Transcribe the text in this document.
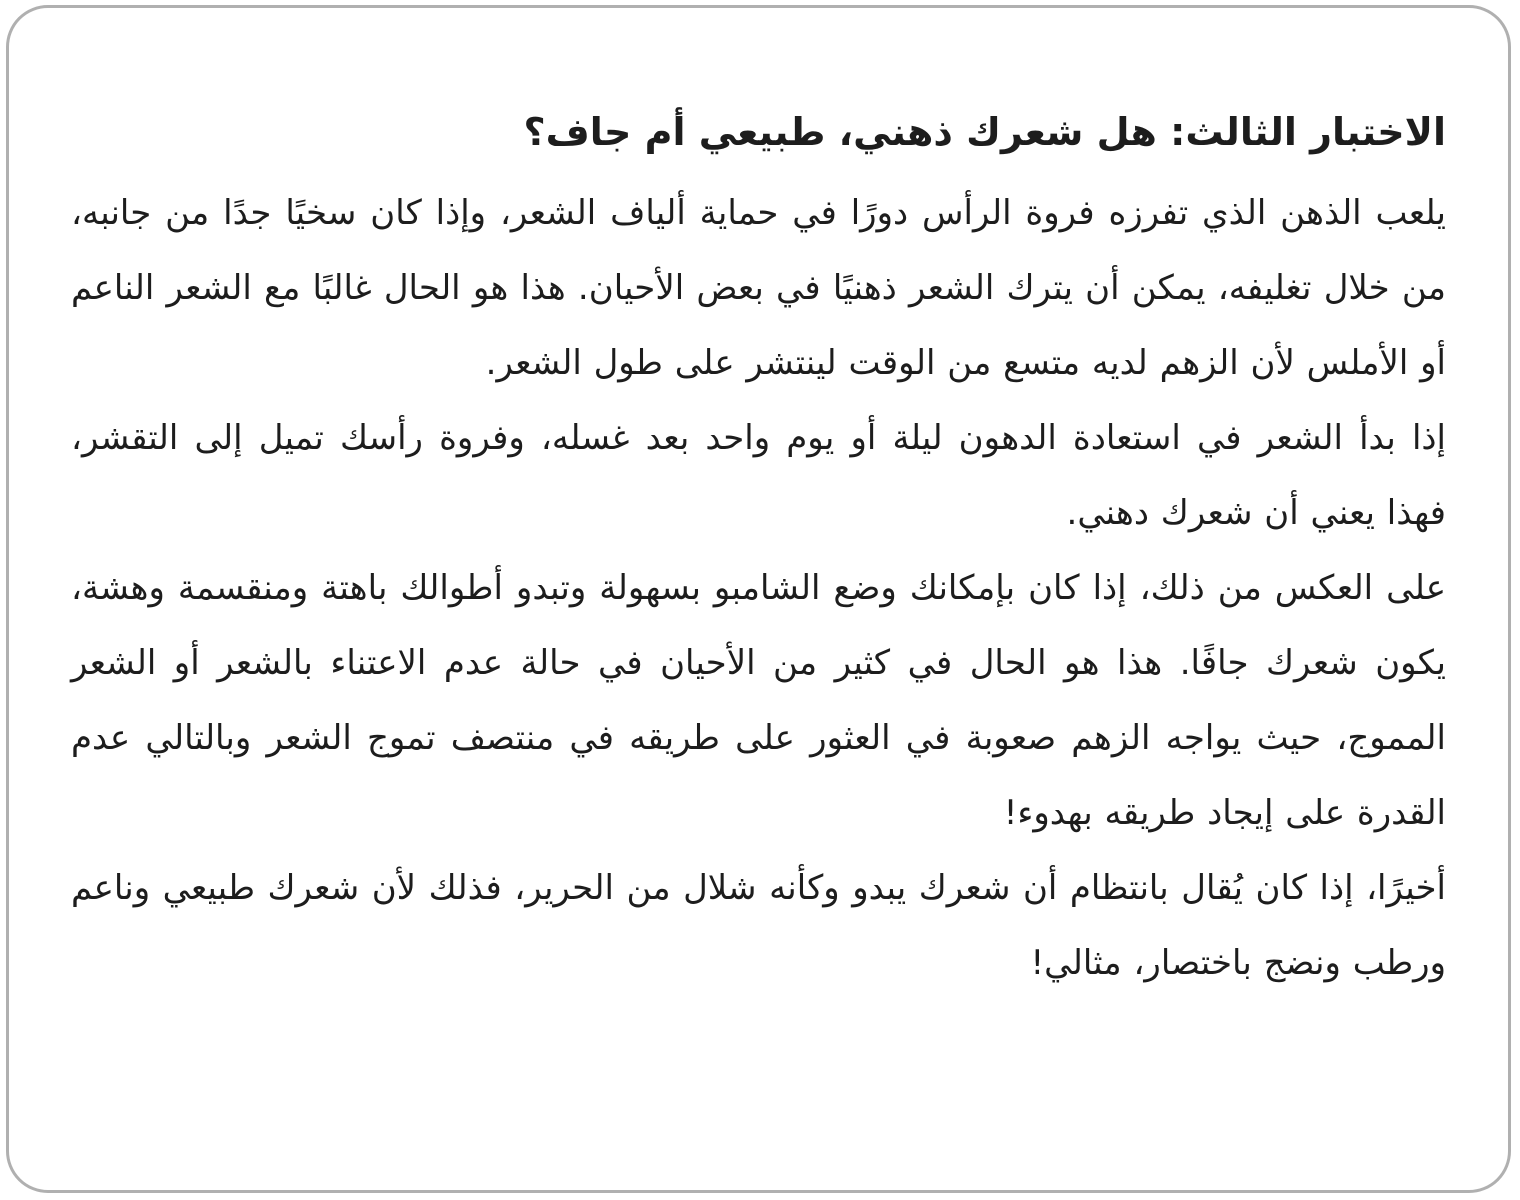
الاختبار الثالث: هل شعرك ذهني، طبيعي أم جاف؟

يلعب الذهن الذي تفرزه فروة الرأس دورًا في حماية ألياف الشعر، وإذا كان سخيًا جدًا من جانبه، من خلال تغليفه، يمكن أن يترك الشعر ذهنيًا في بعض الأحيان. هذا هو الحال غالبًا مع الشعر الناعم أو الأملس لأن الزهم لديه متسع من الوقت لينتشر على طول الشعر.

إذا بدأ الشعر في استعادة الدهون ليلة أو يوم واحد بعد غسله، وفروة رأسك تميل إلى التقشر، فهذا يعني أن شعرك دهني.

على العكس من ذلك، إذا كان بإمكانك وضع الشامبو بسهولة وتبدو أطوالك باهتة ومنقسمة وهشة، يكون شعرك جافًا. هذا هو الحال في كثير من الأحيان في حالة عدم الاعتناء بالشعر أو الشعر المموج، حيث يواجه الزهم صعوبة في العثور على طريقه في منتصف تموج الشعر وبالتالي عدم القدرة على إيجاد طريقه بهدوء!

أخيرًا، إذا كان يُقال بانتظام أن شعرك يبدو وكأنه شلال من الحرير، فذلك لأن شعرك طبيعي وناعم ورطب ونضج باختصار، مثالي!
